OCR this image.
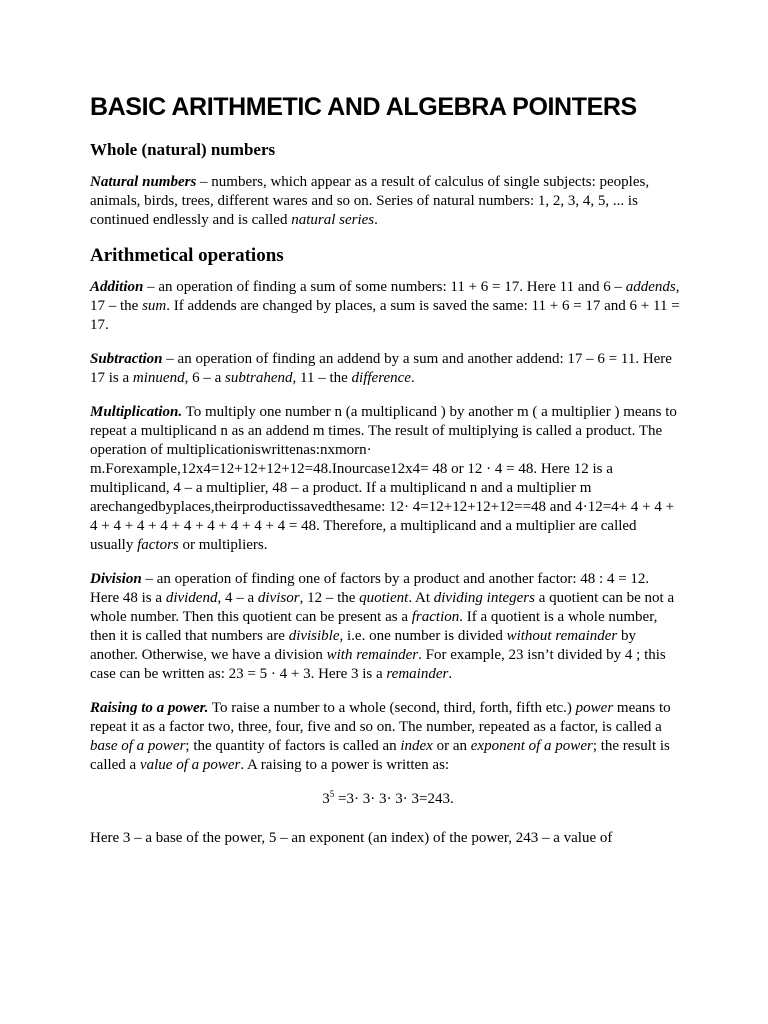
BASIC ARITHMETIC AND ALGEBRA POINTERS
Whole (natural) numbers

Natural numbers – numbers, which appear as a result of calculus of single subjects: peoples, animals, birds, trees, different wares and so on. Series of natural numbers: 1, 2, 3, 4, 5, ... is continued endlessly and is called natural series.

Arithmetical operations

Addition – an operation of finding a sum of some numbers: 11 + 6 = 17. Here 11 and 6 – addends, 17 – the sum. If addends are changed by places, a sum is saved the same: 11 + 6 = 17 and 6 + 11 = 17.

Subtraction – an operation of finding an addend by a sum and another addend: 17 – 6 = 11. Here 17 is a minuend, 6 – a subtrahend, 11 – the difference.

Multiplication. To multiply one number n (a multiplicand ) by another m ( a multiplier ) means to repeat a multiplicand n as an addend m times. The result of multiplying is called a product. The operation of multiplicationiswrittenas:nxmorn· m.Forexample,12x4=12+12+12+12=48.Inourcase12x4= 48 or 12 · 4 = 48. Here 12 is a multiplicand, 4 – a multiplier, 48 – a product. If a multiplicand n and a multiplier m arechangedbyplaces,theirproductissavedthesame: 12· 4=12+12+12+12==48 and 4·12=4+ 4 + 4 + 4 + 4 + 4 + 4 + 4 + 4 + 4 + 4 + 4 = 48. Therefore, a multiplicand and a multiplier are called usually factors or multipliers.

Division – an operation of finding one of factors by a product and another factor: 48 : 4 = 12. Here 48 is a dividend, 4 – a divisor, 12 – the quotient. At dividing integers a quotient can be not a whole number. Then this quotient can be present as a fraction. If a quotient is a whole number, then it is called that numbers are divisible, i.e. one number is divided without remainder by another. Otherwise, we have a division with remainder. For example, 23 isn’t divided by 4 ; this case can be written as: 23 = 5 · 4 + 3. Here 3 is a remainder.

Raising to a power. To raise a number to a whole (second, third, forth, fifth etc.) power means to repeat it as a factor two, three, four, five and so on. The number, repeated as a factor, is called a base of a power; the quantity of factors is called an index or an exponent of a power; the result is called a value of a power. A raising to a power is written as:

$3^5 =3\cdot 3\cdot 3\cdot 3\cdot 3=243$.

Here 3 – a base of the power, 5 – an exponent (an index) of the power, 243 – a value of
